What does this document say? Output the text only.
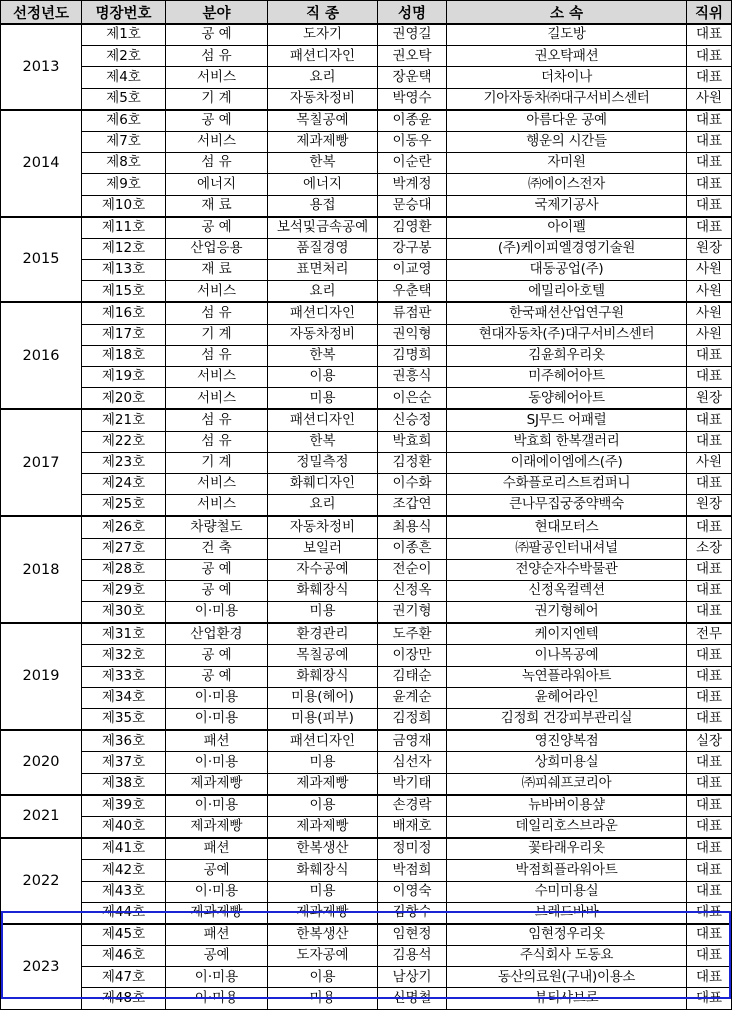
선정년도	명장번호	분야	직 종	성명	소 속	직위
2013	제1호	공 예	도자기	권영길	길도방	대표
	제2호	섬 유	패션디자인	권오탁	권오탁패션	대표
	제4호	서비스	요리	장운택	더차이나	대표
	제5호	기 계	자동차정비	박영수	기아자동차㈜대구서비스센터	사원
2014	제6호	공 예	목칠공예	이종윤	아름다운 공예	대표
	제7호	서비스	제과제빵	이동우	행운의 시간들	대표
	제8호	섬 유	한복	이순란	자미원	대표
	제9호	에너지	에너지	박계정	㈜에이스전자	대표
	제10호	재 료	용접	문승대	국제기공사	대표
2015	제11호	공 예	보석및금속공예	김영환	아이펠	대표
	제12호	산업응용	품질경영	강구봉	(주)케이피엘경영기술원	원장
	제13호	재 료	표면처리	이교영	대동공업(주)	사원
	제15호	서비스	요리	우춘택	에밀리아호텔	사원
2016	제16호	섬 유	패션디자인	류점판	한국패션산업연구원	사원
	제17호	기 계	자동차정비	권익형	현대자동차(주)대구서비스센터	사원
	제18호	섬 유	한복	김명희	김윤희우리옷	대표
	제19호	서비스	이용	권흥식	미주헤어아트	대표
	제20호	서비스	미용	이은순	동양헤어아트	원장
2017	제21호	섬 유	패션디자인	신승정	SJ무드 어패럴	대표
	제22호	섬 유	한복	박효희	박효희 한복갤러리	대표
	제23호	기 계	정밀측정	김정환	이래에이엠에스(주)	사원
	제24호	서비스	화훼디자인	이수화	수화플로리스트컴퍼니	대표
	제25호	서비스	요리	조갑연	큰나무집궁중약백숙	원장
2018	제26호	차량철도	자동차정비	최용식	현대모터스	대표
	제27호	건 축	보일러	이종흔	㈜팔공인터내셔널	소장
	제28호	공 예	자수공예	전순이	전양순자수박물관	대표
	제29호	공 예	화훼장식	신정옥	신정옥컬렉션	대표
	제30호	이·미용	미용	권기형	권기형헤어	대표
2019	제31호	산업환경	환경관리	도주환	케이지엔텍	전무
	제32호	공 예	목칠공예	이장만	이나목공예	대표
	제33호	공 예	화훼장식	김태순	녹연플라워아트	대표
	제34호	이·미용	미용(헤어)	윤계순	윤헤어라인	대표
	제35호	이·미용	미용(피부)	김정희	김정희 건강피부관리실	대표
2020	제36호	패션	패션디자인	금영재	영진양복점	실장
	제37호	이·미용	미용	심선자	상희미용실	대표
	제38호	제과제빵	제과제빵	박기태	㈜피쉐프코리아	대표
2021	제39호	이·미용	이용	손경락	뉴바버이용샾	대표
	제40호	제과제빵	제과제빵	배재호	데일리호스브라운	대표
2022	제41호	패션	한복생산	정미정	꽃타래우리옷	대표
	제42호	공예	화훼장식	박점희	박점희플라워아트	대표
	제43호	이·미용	미용	이영숙	수미미용실	대표
	제44호	제과제빵	제과제빵	김항수	브레드바바	대표
2023	제45호	패션	한복생산	임현정	임현정우리옷	대표
	제46호	공예	도자공예	김용석	주식회사 도동요	대표
	제47호	이·미용	이용	남상기	동산의료원(구내)이용소	대표
	제48호	이·미용	미용	신명철	뷰티샤브로	대표
